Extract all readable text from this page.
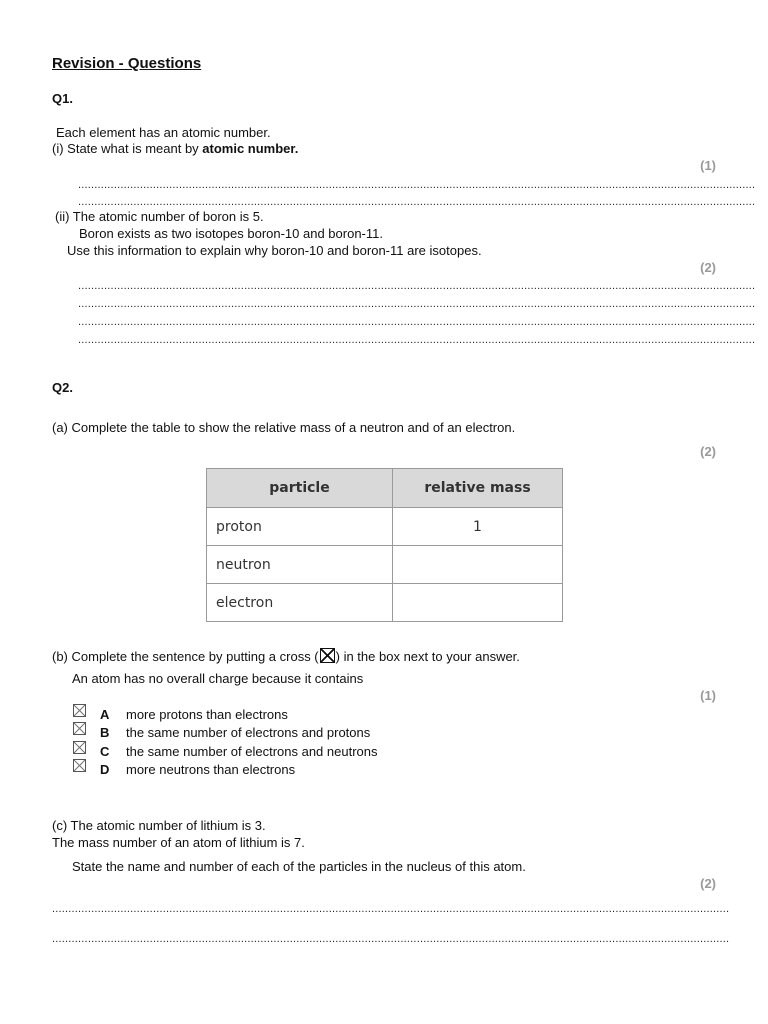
Revision - Questions
Q1.
Each element has an atomic number.
(i) State what is meant by atomic number.
(1)
................................................................................................................................................................................................................
................................................................................................................................................................................................................
(ii) The atomic number of boron is 5.
Boron exists as two isotopes boron-10 and boron-11.
Use this information to explain why boron-10 and boron-11 are isotopes.
(2)
................................................................................................................................................................................................................
................................................................................................................................................................................................................
................................................................................................................................................................................................................
................................................................................................................................................................................................................
Q2.
(a) Complete the table to show the relative mass of a neutron and of an electron.
(2)
particle	relative mass
proton	1
neutron	
electron	
(b) Complete the sentence by putting a cross ( ) in the box next to your answer.
An atom has no overall charge because it contains
(1)
A more protons than electrons
B the same number of electrons and protons
C the same number of electrons and neutrons
D more neutrons than electrons
(c) The atomic number of lithium is 3.
The mass number of an atom of lithium is 7.
State the name and number of each of the particles in the nucleus of this atom.
(2)
................................................................................................................................................................................................................
................................................................................................................................................................................................................
